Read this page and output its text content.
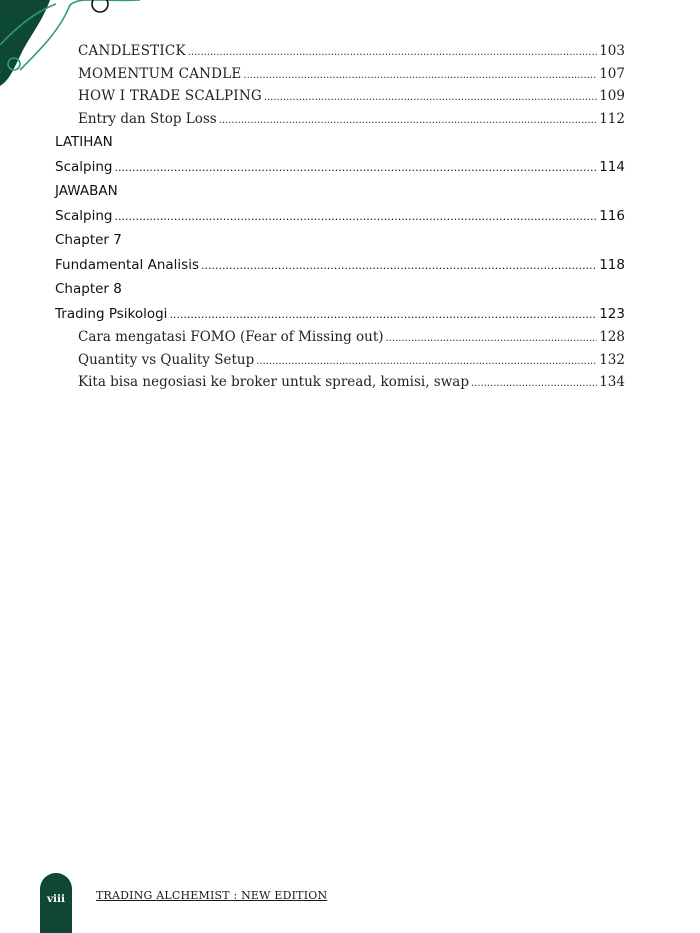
CANDLESTICK .....	103
MOMENTUM CANDLE .....	107
HOW I TRADE SCALPING .....	109
Entry dan Stop Loss .....	112
LATIHAN
Scalping .....	114
JAWABAN
Scalping .....	116
Chapter 7
Fundamental Analisis .....	118
Chapter 8
Trading Psikologi .....	123
Cara mengatasi FOMO (Fear of Missing out) .....	128
Quantity vs Quality Setup .....	132
Kita bisa negosiasi ke broker untuk spread, komisi, swap .....	134
viii	TRADING ALCHEMIST : NEW EDITION
